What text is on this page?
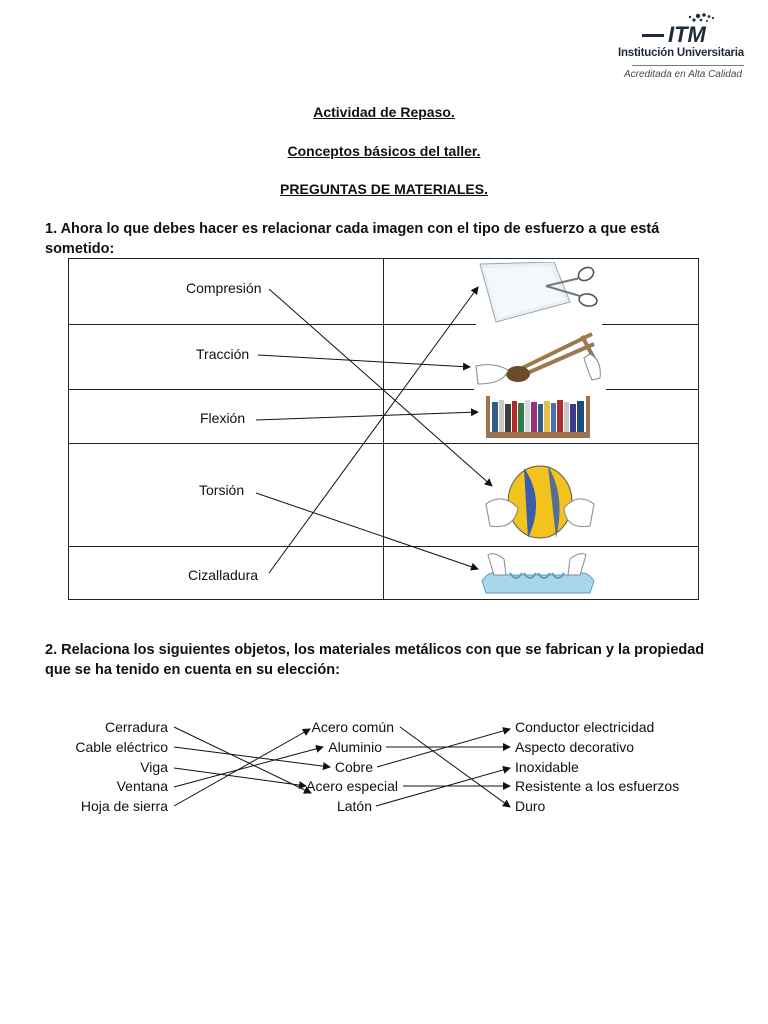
ITM
Institución Universitaria
Acreditada en Alta Calidad
Actividad de Repaso.
Conceptos básicos del taller.
PREGUNTAS DE MATERIALES.
1. Ahora lo que debes hacer es relacionar cada imagen con el tipo de esfuerzo a que está sometido:
Compresión
Tracción
Flexión
Torsión
Cizalladura
2. Relaciona los siguientes objetos, los materiales metálicos con que se fabrican y la propiedad que se ha tenido en cuenta en su elección:
Cerradura
Cable eléctrico
Viga
Ventana
Hoja de sierra
Acero común
Aluminio
Cobre
Acero especial
Latón
Conductor electricidad
Aspecto decorativo
Inoxidable
Resistente a los esfuerzos
Duro
